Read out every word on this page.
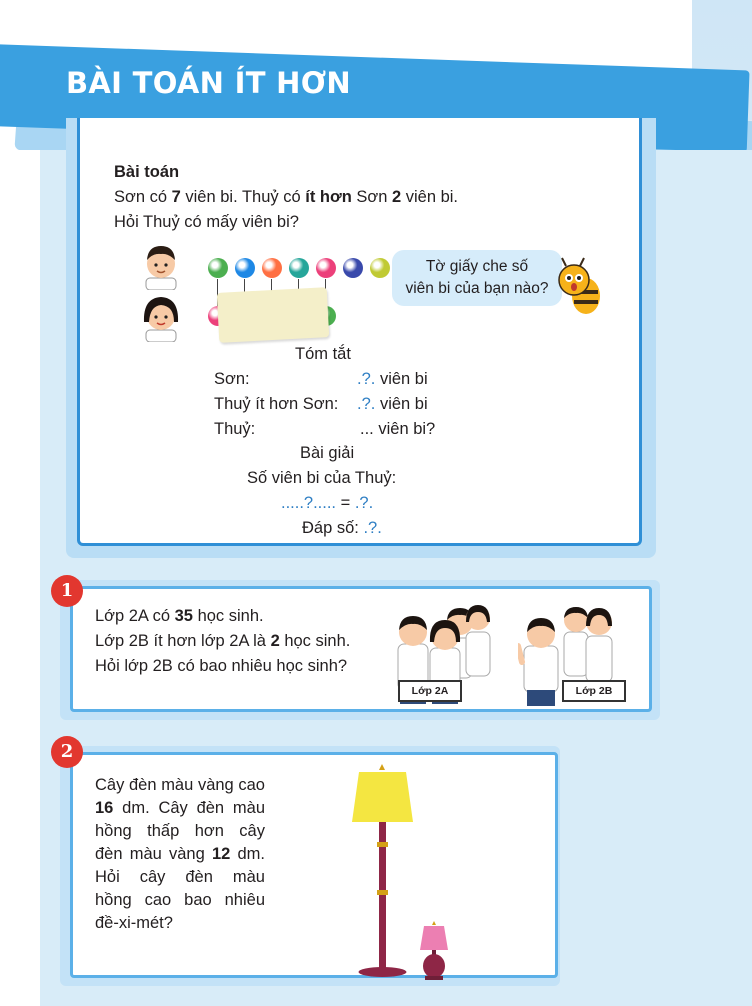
BÀI TOÁN ÍT HƠN
Bài toán
Sơn có 7 viên bi. Thuỷ có ít hơn Sơn 2 viên bi.
Hỏi Thuỷ có mấy viên bi?
Tờ giấy che số
viên bi của bạn nào?
Tóm tắt
Sơn:	.?. viên bi
Thuỷ ít hơn Sơn: .?. viên bi
Thuỷ:	... viên bi?
Bài giải
Số viên bi của Thuỷ:
.....?..... = .?.
Đáp số: .?.
1
Lớp 2A có 35 học sinh.
Lớp 2B ít hơn lớp 2A là 2 học sinh.
Hỏi lớp 2B có bao nhiêu học sinh?
Lớp 2A	Lớp 2B
2
Cây đèn màu vàng cao
16 dm. Cây đèn màu
hồng thấp hơn cây
đèn màu vàng 12 dm.
Hỏi cây đèn màu
hồng cao bao nhiêu
đề-xi-mét?
